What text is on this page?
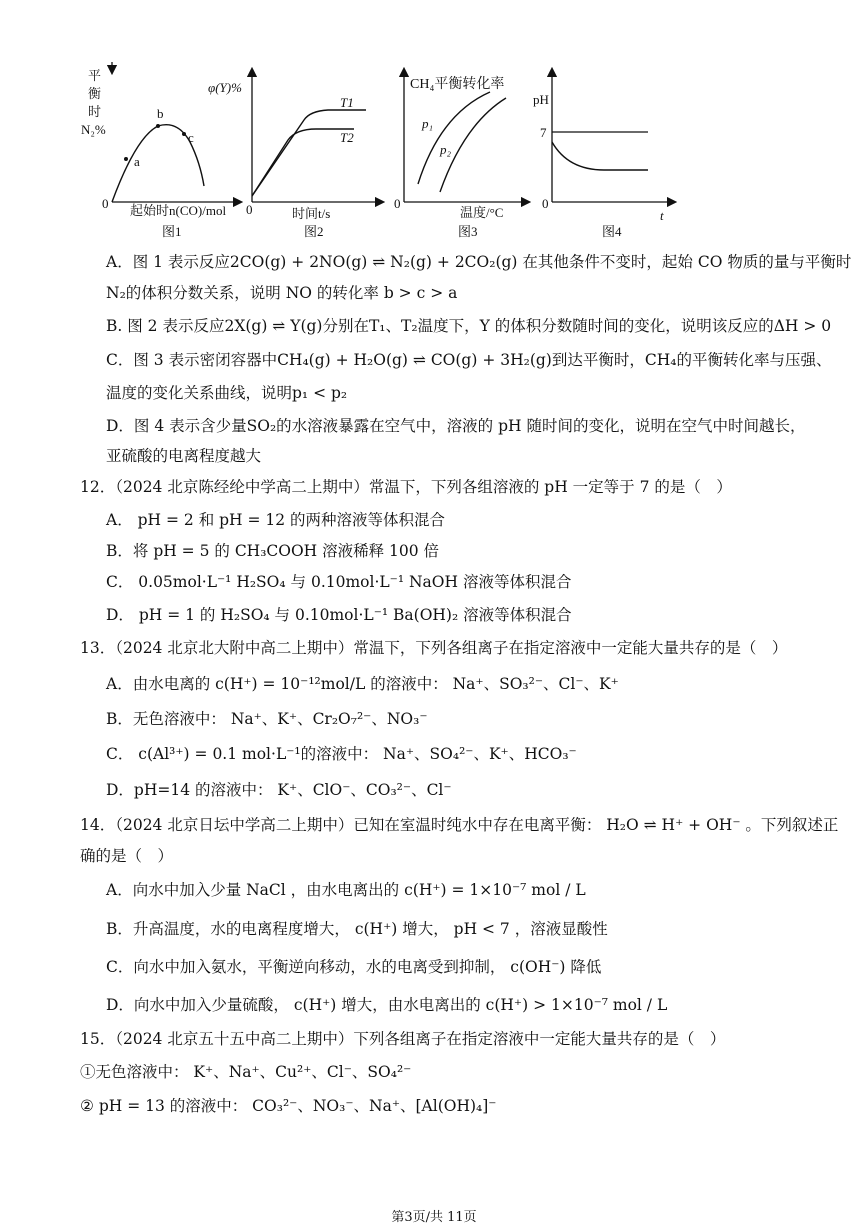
平
衡
时
N₂%
a
b
c
0 起始时n(CO)/mol
图1
φ(Y)%
T1
T2
0	时间t/s
图2
CH₄平衡转化率
p₁
p₂
0
温度/°C
图3
pH
7
0
t
图4
A．图 1 表示反应2CO(g) + 2NO(g) ⇌ N₂(g) + 2CO₂(g) 在其他条件不变时，起始 CO 物质的量与平衡时
N₂的体积分数关系，说明 NO 的转化率 b > c > a
B. 图 2 表示反应2X(g) ⇌ Y(g)分别在T₁、T₂温度下，Y 的体积分数随时间的变化，说明该反应的ΔH > 0
C．图 3 表示密闭容器中CH₄(g) + H₂O(g) ⇌ CO(g) + 3H₂(g)到达平衡时，CH₄的平衡转化率与压强、
温度的变化关系曲线，说明p₁ < p₂
D．图 4 表示含少量SO₂的水溶液暴露在空气中，溶液的 pH 随时间的变化，说明在空气中时间越长，
亚硫酸的电离程度越大
12．（2024 北京陈经纶中学高二上期中）常温下，下列各组溶液的 pH 一定等于 7 的是（　）
A． pH = 2 和 pH = 12 的两种溶液等体积混合
B．将 pH = 5 的 CH₃COOH 溶液稀释 100 倍
C． 0.05mol·L⁻¹ H₂SO₄ 与 0.10mol·L⁻¹ NaOH 溶液等体积混合
D． pH = 1 的 H₂SO₄ 与 0.10mol·L⁻¹ Ba(OH)₂ 溶液等体积混合
13．（2024 北京北大附中高二上期中）常温下，下列各组离子在指定溶液中一定能大量共存的是（　）
A．由水电离的 c(H⁺) = 10⁻¹²mol/L 的溶液中： Na⁺、SO₃²⁻、Cl⁻、K⁺
B．无色溶液中： Na⁺、K⁺、Cr₂O₇²⁻、NO₃⁻
C． c(Al³⁺) = 0.1 mol·L⁻¹的溶液中： Na⁺、SO₄²⁻、K⁺、HCO₃⁻
D．pH=14 的溶液中： K⁺、ClO⁻、CO₃²⁻、Cl⁻
14．（2024 北京日坛中学高二上期中）已知在室温时纯水中存在电离平衡： H₂O ⇌ H⁺ + OH⁻ 。下列叙述正
确的是（　）
A．向水中加入少量 NaCl ，由水电离出的 c(H⁺) = 1×10⁻⁷ mol / L
B．升高温度，水的电离程度增大， c(H⁺) 增大， pH < 7 ，溶液显酸性
C．向水中加入氨水，平衡逆向移动，水的电离受到抑制， c(OH⁻) 降低
D．向水中加入少量硫酸， c(H⁺) 增大，由水电离出的 c(H⁺) > 1×10⁻⁷ mol / L
15．（2024 北京五十五中高二上期中）下列各组离子在指定溶液中一定能大量共存的是（　）
①无色溶液中： K⁺、Na⁺、Cu²⁺、Cl⁻、SO₄²⁻
② pH = 13 的溶液中： CO₃²⁻、NO₃⁻、Na⁺、[Al(OH)₄]⁻
第3页/共 11页
